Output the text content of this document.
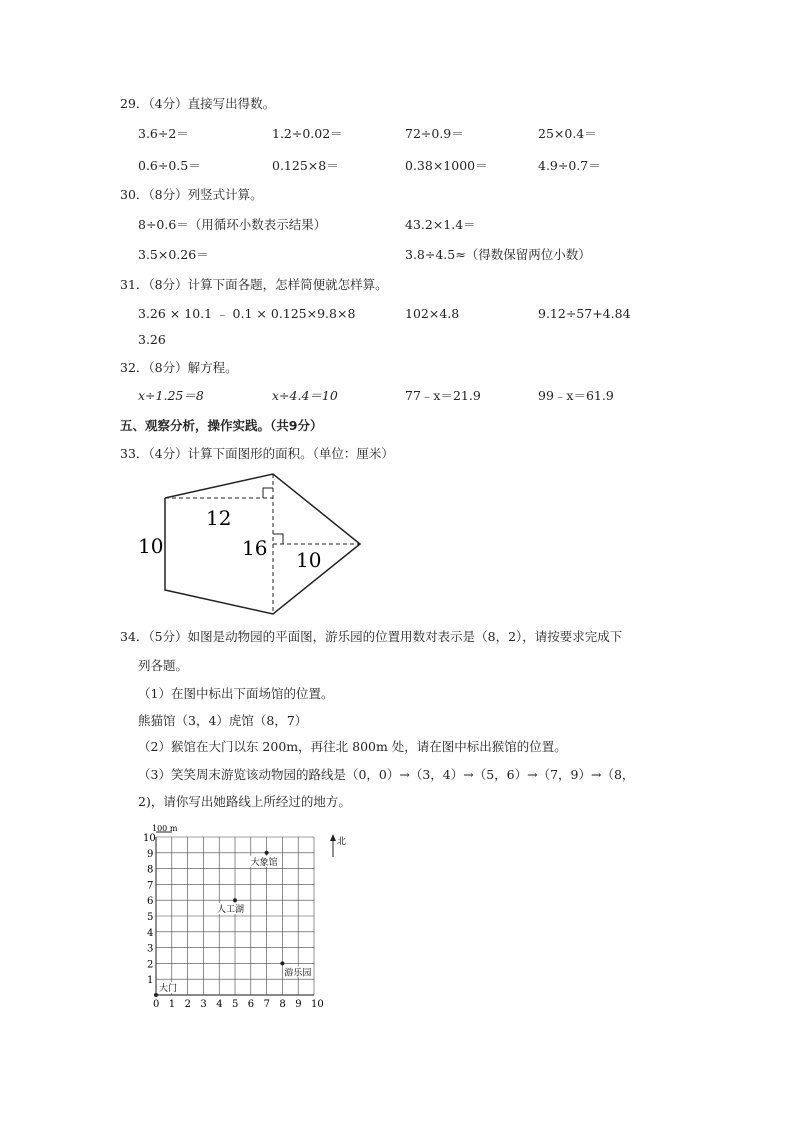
29．（4分）直接写出得数。
3.6÷2＝	1.2÷0.02＝	72÷0.9＝	25×0.4＝
0.6÷0.5＝	0.125×8＝	0.38×1000＝	4.9÷0.7＝
30．（8分）列竖式计算。
8÷0.6＝（用循环小数表示结果）	43.2×1.4＝
3.5×0.26＝	3.8÷4.5≈（得数保留两位小数）
31．（8分）计算下面各题，怎样简便就怎样算。
3.26 × 10.1 ﹣ 0.1 × 0.125×9.8×8	102×4.8	9.12÷57+4.84
3.26
32．（8分）解方程。
x÷1.25＝8	x÷4.4＝10	77﹣x＝21.9	99﹣x＝61.9
五、观察分析，操作实践。（共9分）
33．（4分）计算下面图形的面积。（单位：厘米）
10
12
16 10
34．（5分）如图是动物园的平面图，游乐园的位置用数对表示是（8，2），请按要求完成下
列各题。
（1）在图中标出下面场馆的位置。
熊猫馆（3，4）虎馆（8，7）
（2）猴馆在大门以东 200m，再往北 800m 处，请在图中标出猴馆的位置。
（3）笑笑周末游览该动物园的路线是（0，0）→（3，4）→（5，6）→（7，9）→（8，
2)，请你写出她路线上所经过的地方。
0 1 2 3 4 5 6 7 8 9 10
1
2
3
4
5
6
7
8
9
10
大象馆
人工湖
游乐园
大门
100 m
北
